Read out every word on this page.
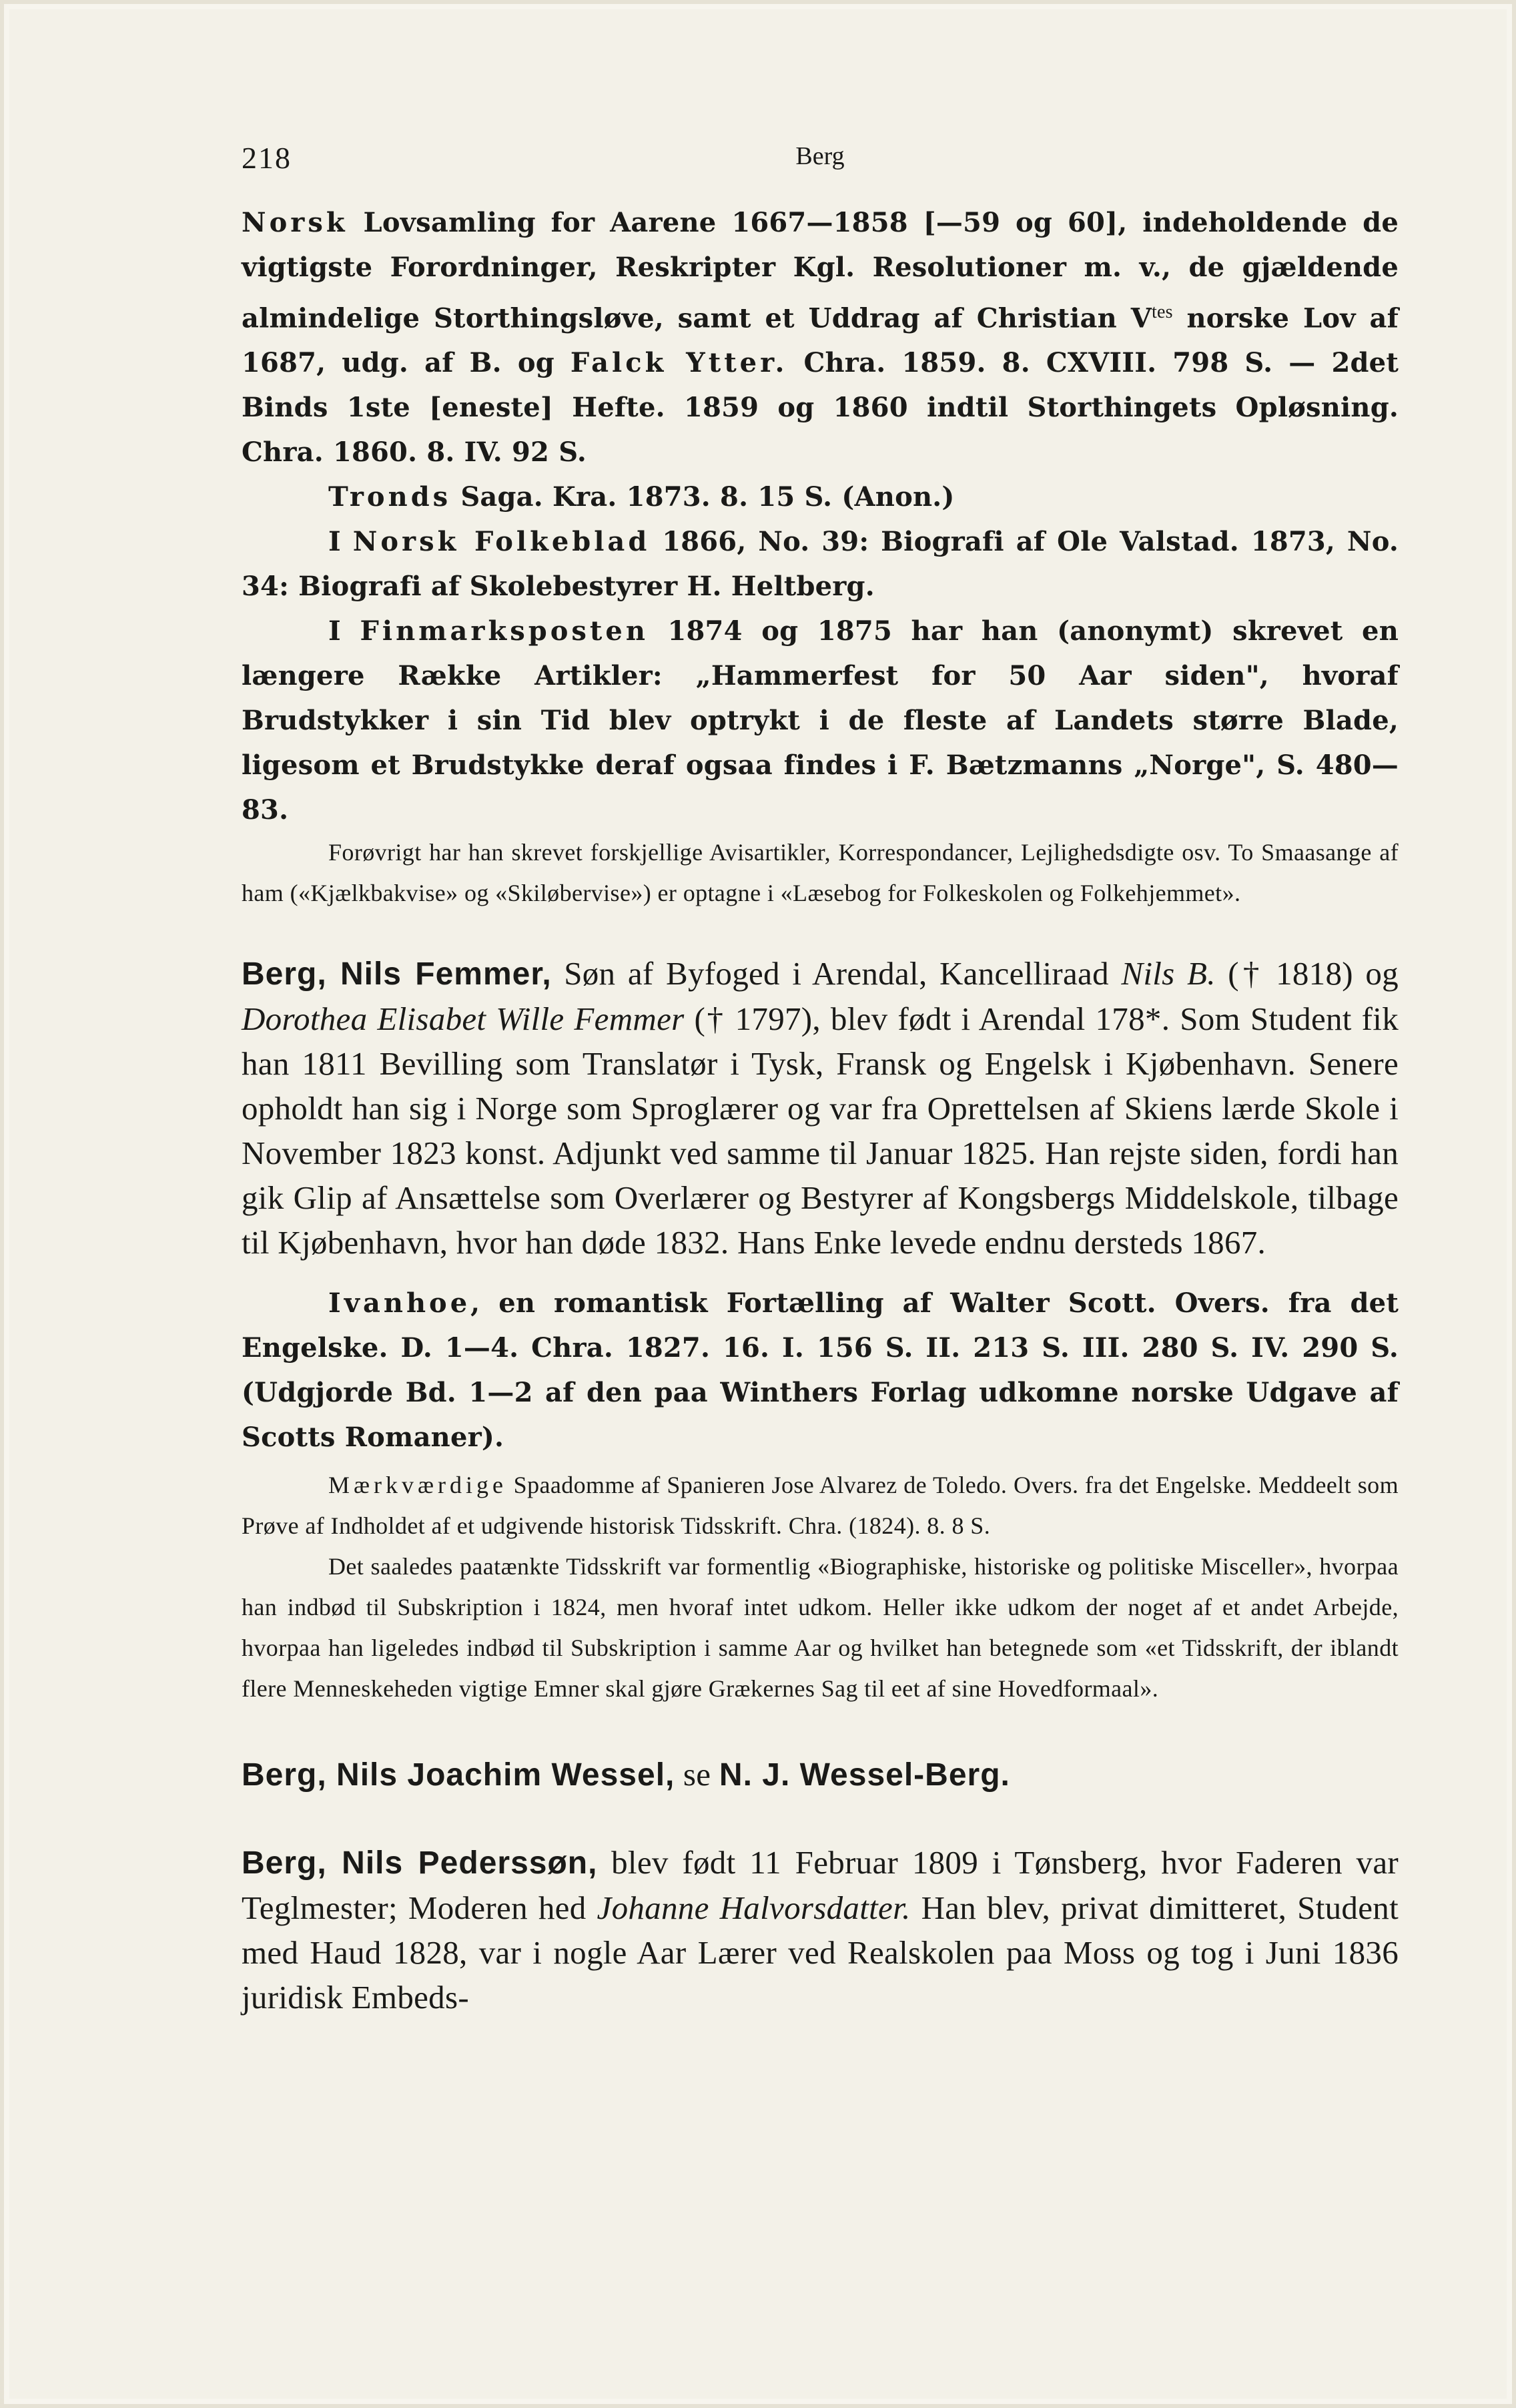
218	Berg

Norsk Lovsamling for Aarene 1667—1858 [—59 og 60], indeholdende de vigtigste Forordninger, Reskripter Kgl. Resolutioner m. v., de gjældende almindelige Storthingsløve, samt et Uddrag af Christian $V^{tes}$ norske Lov af 1687, udg. af B. og Falck Ytter. Chra. 1859. 8. CXVIII. 798 S. — 2det Binds 1ste [eneste] Hefte. 1859 og 1860 indtil Storthingets Opløsning. Chra. 1860. 8. IV. 92 S.

Tronds Saga. Kra. 1873. 8. 15 S. (Anon.)

I Norsk Folkeblad 1866, No. 39: Biografi af Ole Valstad. 1873, No. 34: Biografi af Skolebestyrer H. Heltberg.

I Finmarksposten 1874 og 1875 har han (anonymt) skrevet en længere Række Artikler: „Hammerfest for 50 Aar siden", hvoraf Brudstykker i sin Tid blev optrykt i de fleste af Landets større Blade, ligesom et Brudstykke deraf ogsaa findes i F. Bætzmanns „Norge", S. 480—83.

Forøvrigt har han skrevet forskjellige Avisartikler, Korrespondancer, Lejlighedsdigte osv. To Smaasange af ham («Kjælkbakvise» og «Skiløbervise») er optagne i «Læsebog for Folkeskolen og Folkehjemmet».

Berg, Nils Femmer, Søn af Byfoged i Arendal, Kancelliraad Nils B. († 1818) og Dorothea Elisabet Wille Femmer († 1797), blev født i Arendal 178*. Som Student fik han 1811 Bevilling som Translatør i Tysk, Fransk og Engelsk i Kjøbenhavn. Senere opholdt han sig i Norge som Sproglærer og var fra Oprettelsen af Skiens lærde Skole i November 1823 konst. Adjunkt ved samme til Januar 1825. Han rejste siden, fordi han gik Glip af Ansættelse som Overlærer og Bestyrer af Kongsbergs Middelskole, tilbage til Kjøbenhavn, hvor han døde 1832. Hans Enke levede endnu dersteds 1867.

Ivanhoe, en romantisk Fortælling af Walter Scott. Overs. fra det Engelske. D. 1—4. Chra. 1827. 16. I. 156 S. II. 213 S. III. 280 S. IV. 290 S. (Udgjorde Bd. 1—2 af den paa Winthers Forlag udkomne norske Udgave af Scotts Romaner).

Mærkværdige Spaadomme af Spanieren Jose Alvarez de Toledo. Overs. fra det Engelske. Meddeelt som Prøve af Indholdet af et udgivende historisk Tidsskrift. Chra. (1824). 8. 8 S.

Det saaledes paatænkte Tidsskrift var formentlig «Biographiske, historiske og politiske Misceller», hvorpaa han indbød til Subskription i 1824, men hvoraf intet udkom. Heller ikke udkom der noget af et andet Arbejde, hvorpaa han ligeledes indbød til Subskription i samme Aar og hvilket han betegnede som «et Tidsskrift, der iblandt flere Menneskeheden vigtige Emner skal gjøre Grækernes Sag til eet af sine Hovedformaal».

Berg, Nils Joachim Wessel, se N. J. Wessel-Berg.

Berg, Nils Pederssøn, blev født 11 Februar 1809 i Tønsberg, hvor Faderen var Teglmester; Moderen hed Johanne Halvorsdatter. Han blev, privat dimitteret, Student med Haud 1828, var i nogle Aar Lærer ved Realskolen paa Moss og tog i Juni 1836 juridisk Embeds-
